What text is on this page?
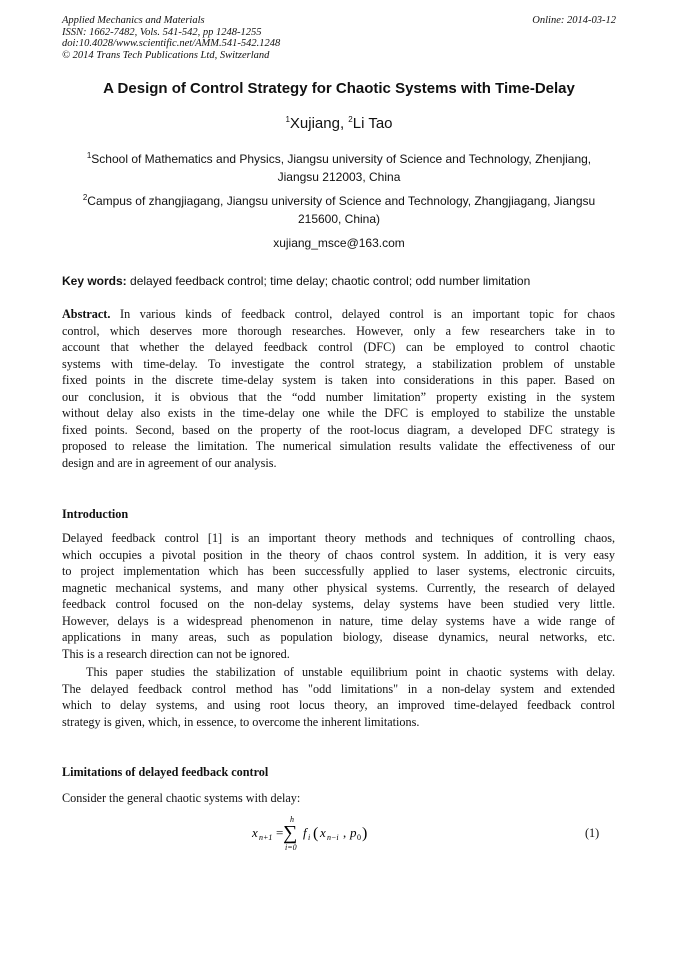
Applied Mechanics and Materials
ISSN: 1662-7482, Vols. 541-542, pp 1248-1255
doi:10.4028/www.scientific.net/AMM.541-542.1248
© 2014 Trans Tech Publications Ltd, Switzerland
Online: 2014-03-12
A Design of Control Strategy for Chaotic Systems with Time-Delay
$^1$Xujiang, $^2$Li Tao
$^1$School of Mathematics and Physics, Jiangsu university of Science and Technology, Zhenjiang,
Jiangsu 212003, China
$^2$Campus of zhangjiagang, Jiangsu university of Science and Technology, Zhangjiagang, Jiangsu
215600, China)
xujiang_msce@163.com
Key words: delayed feedback control; time delay; chaotic control; odd number limitation
Abstract. In various kinds of feedback control, delayed control is an important topic for chaos
control, which deserves more thorough researches. However, only a few researchers take in to
account that whether the delayed feedback control (DFC) can be employed to control chaotic
systems with time-delay. To investigate the control strategy, a stabilization problem of unstable
fixed points in the discrete time-delay system is taken into considerations in this paper. Based on
our conclusion, it is obvious that the “odd number limitation” property existing in the system
without delay also exists in the time-delay one while the DFC is employed to stabilize the unstable
fixed points. Second, based on the property of the root-locus diagram, a developed DFC strategy is
proposed to release the limitation. The numerical simulation results validate the effectiveness of our
design and are in agreement of our analysis.
Introduction
Delayed feedback control [1] is an important theory methods and techniques of controlling chaos,
which occupies a pivotal position in the theory of chaos control system. In addition, it is very easy
to project implementation which has been successfully applied to laser systems, electronic circuits,
magnetic mechanical systems, and many other physical systems. Currently, the research of delayed
feedback control focused on the non-delay systems, delay systems have been studied very little.
However, delays is a widespread phenomenon in nature, time delay systems have a wide range of
applications in many areas, such as population biology, disease dynamics, neural networks, etc.
This is a research direction can not be ignored.
This paper studies the stabilization of unstable equilibrium point in chaotic systems with delay.
The delayed feedback control method has "odd limitations" in a non-delay system and extended
which to delay systems, and using root locus theory, an improved time-delayed feedback control
strategy is given, which, in essence, to overcome the inherent limitations.
Limitations of delayed feedback control
Consider the general chaotic systems with delay:
x n+1 =
h
∑
i=0
f i ( x n−i , p 0 )	(1)
